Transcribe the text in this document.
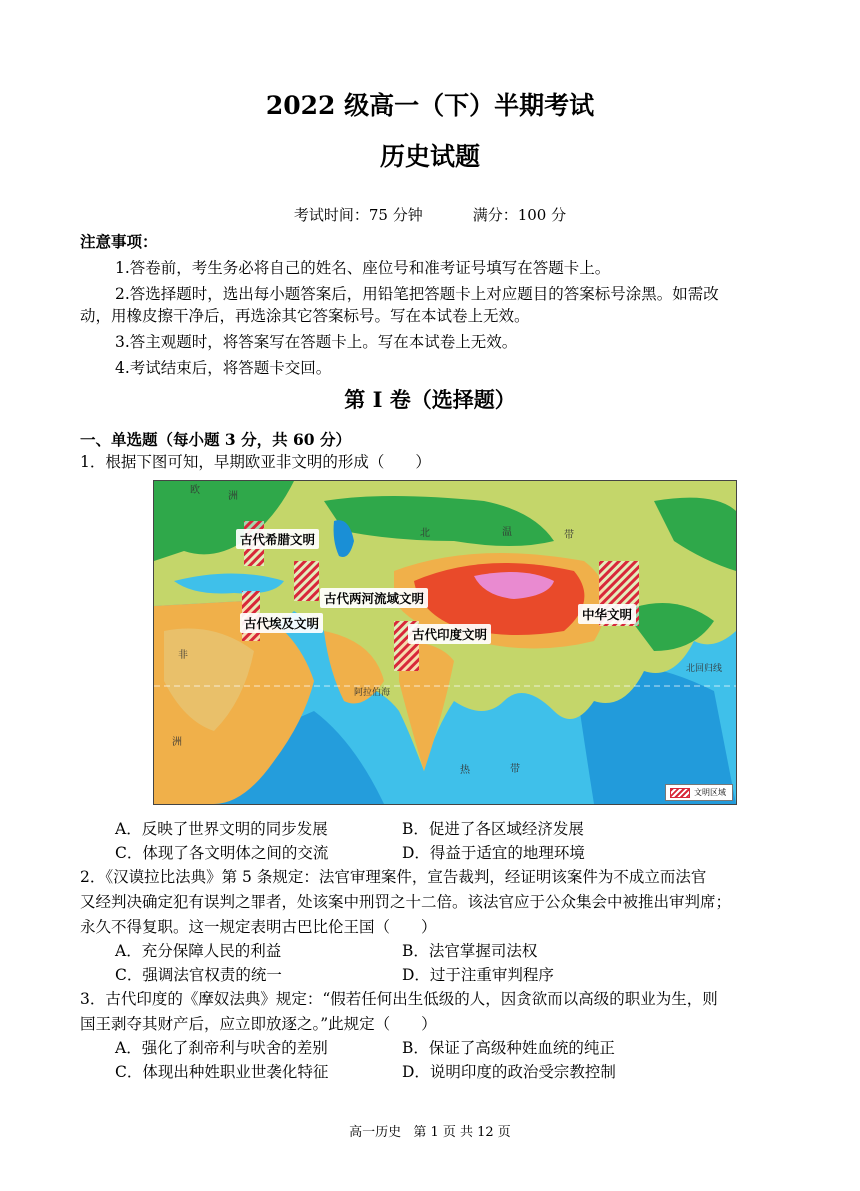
2022 级高一（下）半期考试
历史试题
考试时间：75 分钟	满分：100 分
注意事项：
1.答卷前，考生务必将自己的姓名、座位号和准考证号填写在答题卡上。
2.答选择题时，选出每小题答案后，用铅笔把答题卡上对应题目的答案标号涂黑。如需改
动，用橡皮擦干净后，再选涂其它答案标号。写在本试卷上无效。
3.答主观题时，将答案写在答题卡上。写在本试卷上无效。
4.考试结束后，将答题卡交回。
第 I 卷（选择题）
一、单选题（每小题 3 分，共 60 分）
1．根据下图可知，早期欧亚非文明的形成（　　）
古代希腊文明
古代两河流域文明
古代埃及文明
古代印度文明
中华文明
欧
洲
北	温	带
非
洲
热	带
北回归线
阿拉伯海
文明区域
A．反映了世界文明的同步发展	B．促进了各区域经济发展
C．体现了各文明体之间的交流	D．得益于适宜的地理环境
2．《汉谟拉比法典》第 5 条规定：法官审理案件，宣告裁判，经证明该案件为不成立而法官
又经判决确定犯有误判之罪者，处该案中刑罚之十二倍。该法官应于公众集会中被推出审判席；
永久不得复职。这一规定表明古巴比伦王国（　　）
A．充分保障人民的利益	B．法官掌握司法权
C．强调法官权责的统一	D．过于注重审判程序
3．古代印度的《摩奴法典》规定：“假若任何出生低级的人，因贪欲而以高级的职业为生，则
国王剥夺其财产后，应立即放逐之。”此规定（　　）
A．强化了刹帝利与吠舍的差别	B．保证了高级种姓血统的纯正
C．体现出种姓职业世袭化特征	D．说明印度的政治受宗教控制
高一历史 第 1 页 共 12 页
